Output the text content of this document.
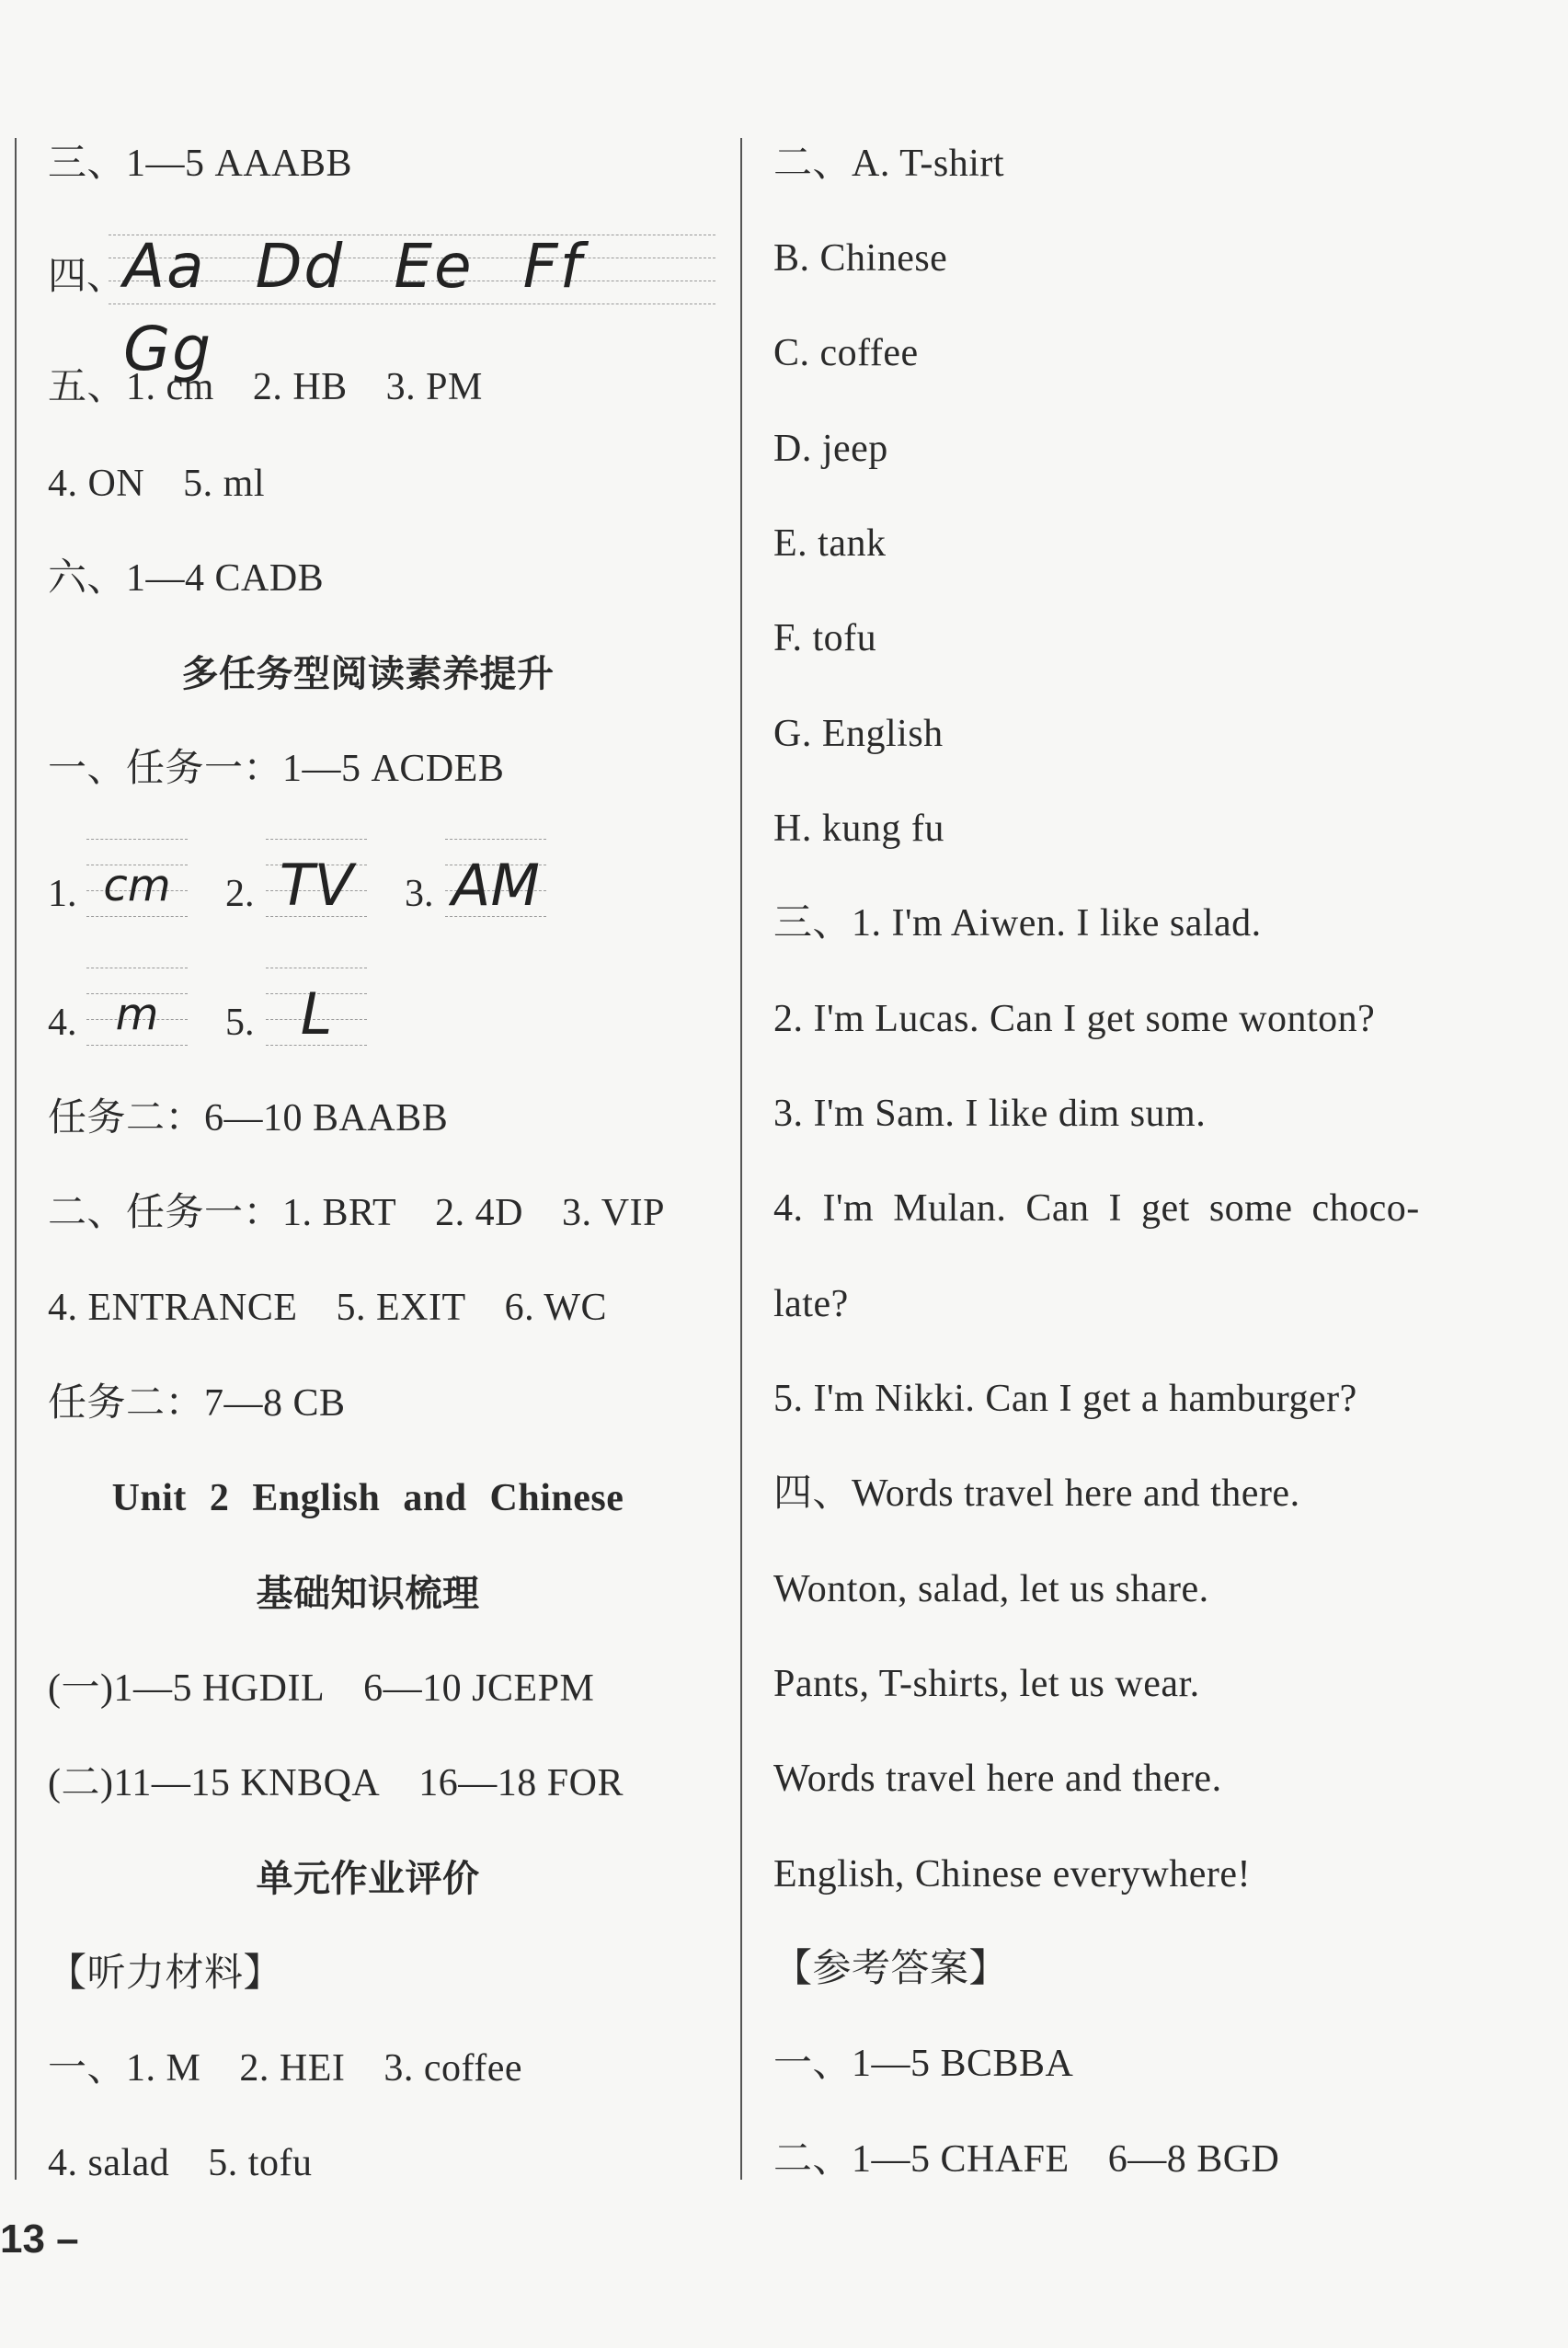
三、1—5 AAABB
四、
Aa Dd Ee FfGg
五、1. cm 2. HB 3. PM
4. ON 5. ml
六、1—4 CADB
多任务型阅读素养提升
一、任务一：1—5 ACDEB
1. cm	2. TV	3. AM
4. m	5. L
任务二：6—10 BAABB
二、任务一：1. BRT 2. 4D 3. VIP
4. ENTRANCE 5. EXIT 6. WC
任务二：7—8 CB
Unit 2 English and Chinese
基础知识梳理
(一)1—5 HGDIL 6—10 JCEPM
(二)11—15 KNBQA 16—18 FOR
单元作业评价
【听力材料】
一、1. M 2. HEI 3. coffee
4. salad 5. tofu
二、A. T-shirt
B. Chinese
C. coffee
D. jeep
E. tank
F. tofu
G. English
H. kung fu
三、1. I'm Aiwen. I like salad.
2. I'm Lucas. Can I get some wonton?
3. I'm Sam. I like dim sum.
4. I'm Mulan. Can I get some choco-
late?
5. I'm Nikki. Can I get a hamburger?
四、Words travel here and there.
Wonton, salad, let us share.
Pants, T-shirts, let us wear.
Words travel here and there.
English, Chinese everywhere!
【参考答案】
一、1—5 BCBBA
二、1—5 CHAFE 6—8 BGD
13 –
